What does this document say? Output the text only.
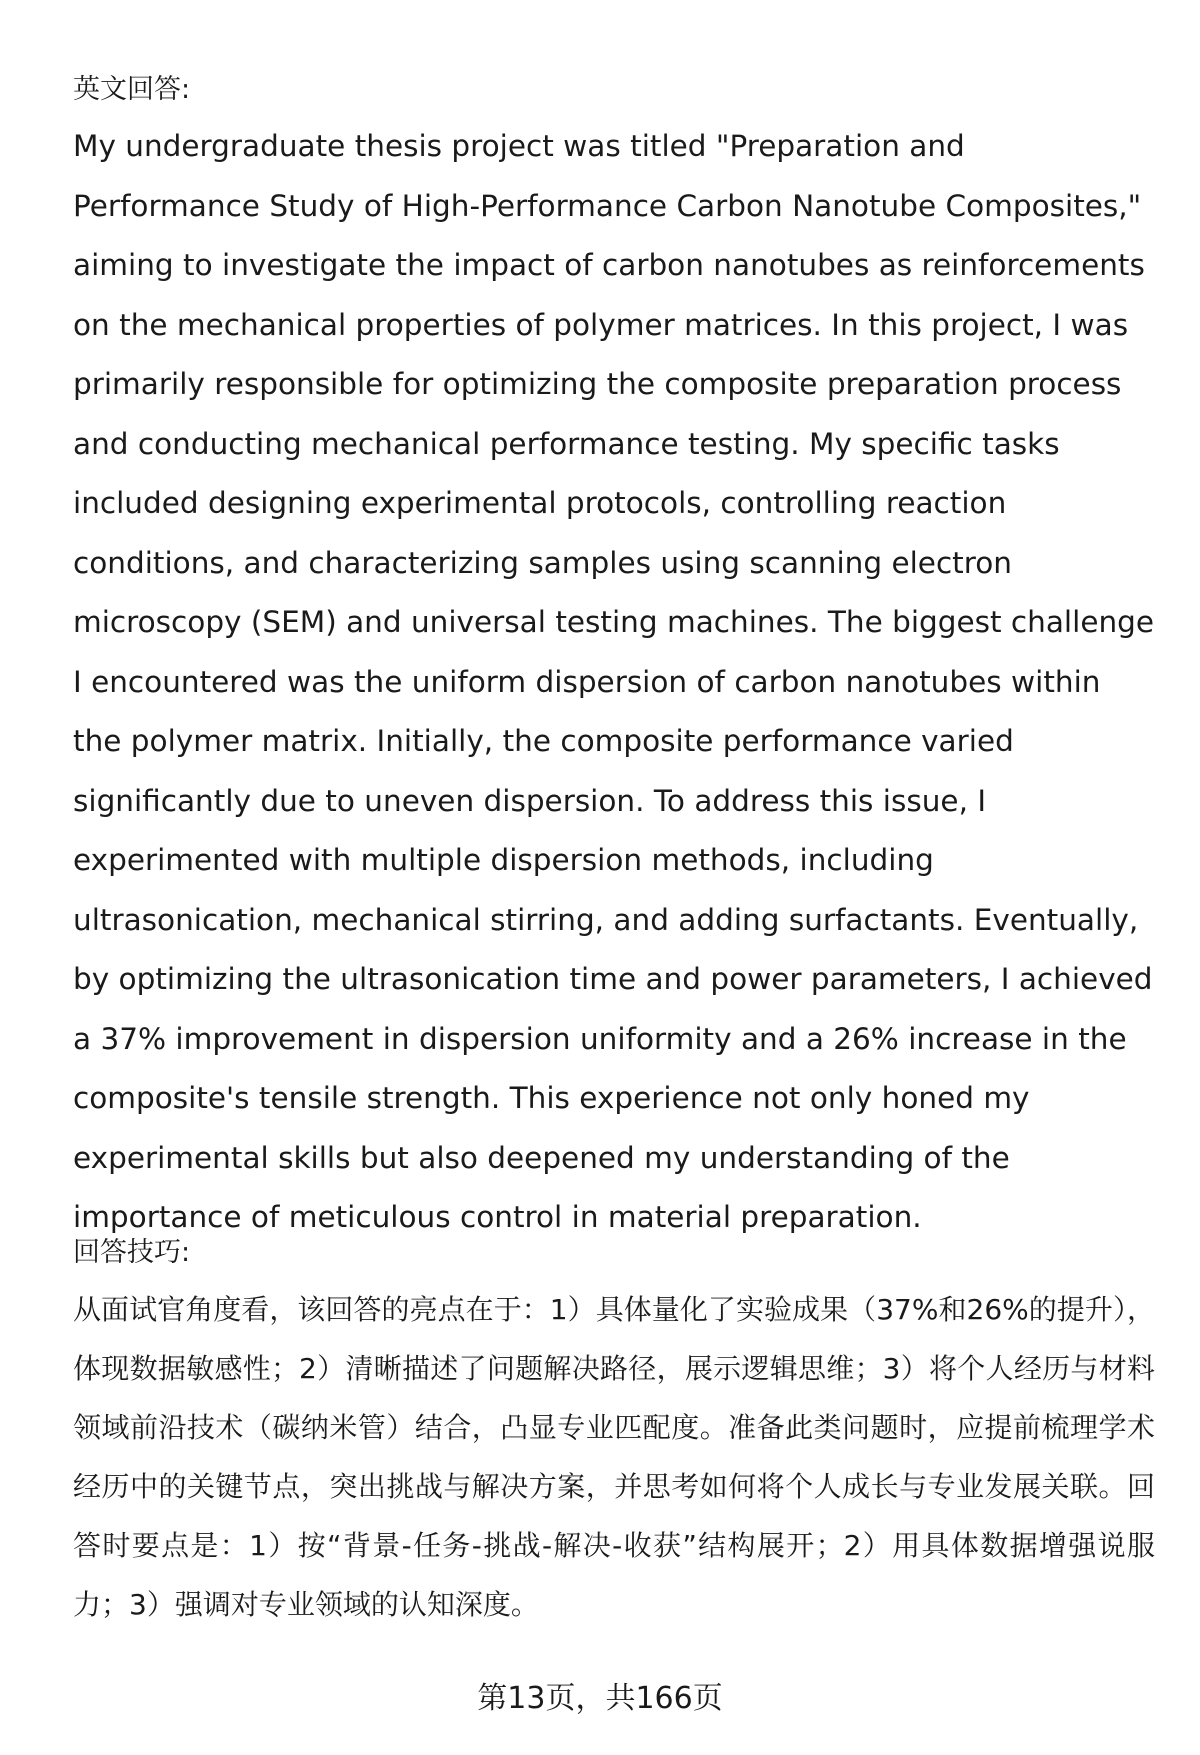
英文回答:

My undergraduate thesis project was titled "Preparation and Performance Study of High-Performance Carbon Nanotube Composites," aiming to investigate the impact of carbon nanotubes as reinforcements on the mechanical properties of polymer matrices. In this project, I was primarily responsible for optimizing the composite preparation process and conducting mechanical performance testing. My specific tasks included designing experimental protocols, controlling reaction conditions, and characterizing samples using scanning electron microscopy (SEM) and universal testing machines. The biggest challenge I encountered was the uniform dispersion of carbon nanotubes within the polymer matrix. Initially, the composite performance varied significantly due to uneven dispersion. To address this issue, I experimented with multiple dispersion methods, including ultrasonication, mechanical stirring, and adding surfactants. Eventually, by optimizing the ultrasonication time and power parameters, I achieved a 37% improvement in dispersion uniformity and a 26% increase in the composite's tensile strength. This experience not only honed my experimental skills but also deepened my understanding of the importance of meticulous control in material preparation.

回答技巧:

从面试官角度看，该回答的亮点在于：1）具体量化了实验成果（37%和26%的提升），体现数据敏感性；2）清晰描述了问题解决路径，展示逻辑思维；3）将个人经历与材料领域前沿技术（碳纳米管）结合，凸显专业匹配度。准备此类问题时，应提前梳理学术经历中的关键节点，突出挑战与解决方案，并思考如何将个人成长与专业发展关联。回答时要点是：1）按“背景-任务-挑战-解决-收获”结构展开；2）用具体数据增强说服力；3）强调对专业领域的认知深度。

第13页，共166页
